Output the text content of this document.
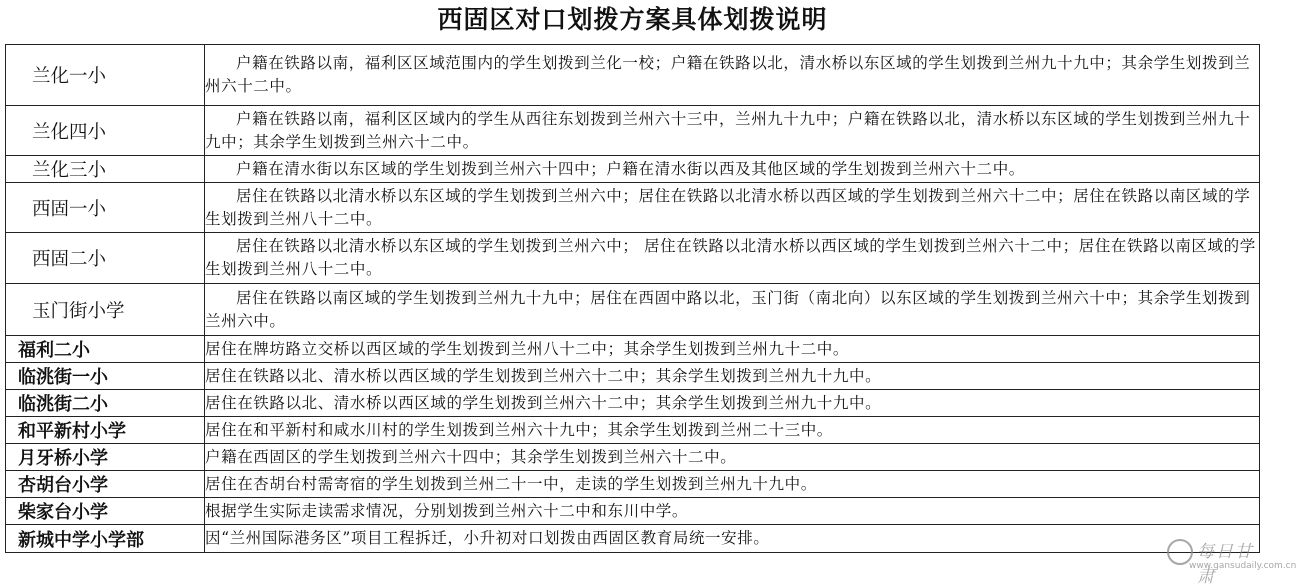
西固区对口划拨方案具体划拨说明
兰化一小	户籍在铁路以南，福利区区域范围内的学生划拨到兰化一校；户籍在铁路以北，清水桥以东区域的学生划拨到兰州九十九中；其余学生划拨到兰州六十二中。
兰化四小	户籍在铁路以南，福利区区域内的学生从西往东划拨到兰州六十三中，兰州九十九中；户籍在铁路以北，清水桥以东区域的学生划拨到兰州九十九中；其余学生划拨到兰州六十二中。
兰化三小	户籍在清水街以东区域的学生划拨到兰州六十四中；户籍在清水街以西及其他区域的学生划拨到兰州六十二中。
西固一小	居住在铁路以北清水桥以东区域的学生划拨到兰州六中；居住在铁路以北清水桥以西区域的学生划拨到兰州六十二中；居住在铁路以南区域的学生划拨到兰州八十二中。
西固二小	居住在铁路以北清水桥以东区域的学生划拨到兰州六中； 居住在铁路以北清水桥以西区域的学生划拨到兰州六十二中；居住在铁路以南区域的学生划拨到兰州八十二中。
玉门街小学	居住在铁路以南区域的学生划拨到兰州九十九中；居住在西固中路以北，玉门街（南北向）以东区域的学生划拨到兰州六十中；其余学生划拨到兰州六中。
福利二小	居住在牌坊路立交桥以西区域的学生划拨到兰州八十二中；其余学生划拨到兰州九十二中。
临洮街一小	居住在铁路以北、清水桥以西区域的学生划拨到兰州六十二中；其余学生划拨到兰州九十九中。
临洮街二小	居住在铁路以北、清水桥以西区域的学生划拨到兰州六十二中；其余学生划拨到兰州九十九中。
和平新村小学	居住在和平新村和咸水川村的学生划拨到兰州六十九中；其余学生划拨到兰州二十三中。
月牙桥小学	户籍在西固区的学生划拨到兰州六十四中；其余学生划拨到兰州六十二中。
杏胡台小学	居住在杏胡台村需寄宿的学生划拨到兰州二十一中，走读的学生划拨到兰州九十九中。
柴家台小学	根据学生实际走读需求情况，分别划拨到兰州六十二中和东川中学。
新城中学小学部	因“兰州国际港务区”项目工程拆迁，小升初对口划拨由西固区教育局统一安排。
每日甘肃
www.gansudaily.com.cn
